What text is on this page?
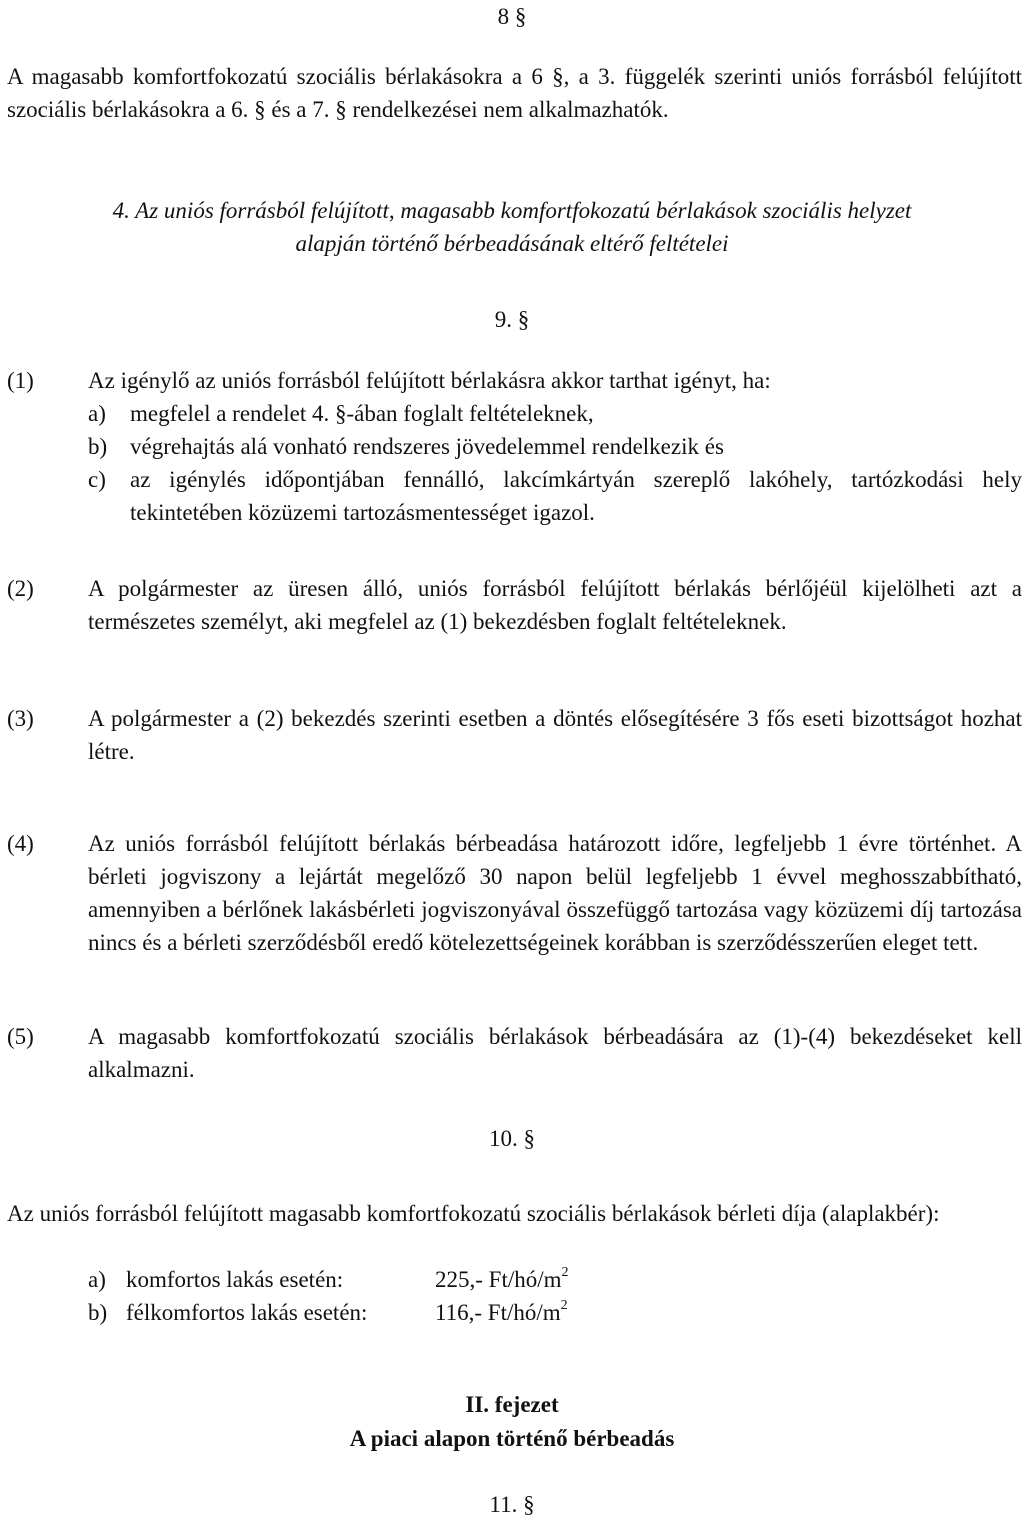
8 §
A magasabb komfortfokozatú szociális bérlakásokra a 6 §, a 3. függelék szerinti uniós forrásból felújított szociális bérlakásokra a 6. § és a 7. § rendelkezései nem alkalmazhatók.
4. Az uniós forrásból felújított, magasabb komfortfokozatú bérlakások szociális helyzet
alapján történő bérbeadásának eltérő feltételei
9. §
(1)	Az igénylő az uniós forrásból felújított bérlakásra akkor tarthat igényt, ha:
a) megfelel a rendelet 4. §-ában foglalt feltételeknek,
b) végrehajtás alá vonható rendszeres jövedelemmel rendelkezik és
c) az igénylés időpontjában fennálló, lakcímkártyán szereplő lakóhely, tartózkodási hely tekintetében közüzemi tartozásmentességet igazol.
(2)	A polgármester az üresen álló, uniós forrásból felújított bérlakás bérlőjéül kijelölheti azt a természetes személyt, aki megfelel az (1) bekezdésben foglalt feltételeknek.
(3)	A polgármester a (2) bekezdés szerinti esetben a döntés elősegítésére 3 fős eseti bizottságot hozhat létre.
(4)	Az uniós forrásból felújított bérlakás bérbeadása határozott időre, legfeljebb 1 évre történhet. A bérleti jogviszony a lejártát megelőző 30 napon belül legfeljebb 1 évvel meghosszabbítható, amennyiben a bérlőnek lakásbérleti jogviszonyával összefüggő tartozása vagy közüzemi díj tartozása nincs és a bérleti szerződésből eredő kötelezettségeinek korábban is szerződésszerűen eleget tett.
(5)	A magasabb komfortfokozatú szociális bérlakások bérbeadására az (1)-(4) bekezdéseket kell alkalmazni.
10. §
Az uniós forrásból felújított magasabb komfortfokozatú szociális bérlakások bérleti díja (alaplakbér):
a) komfortos lakás esetén:	225,- $Ft/hó/m^2$
b) félkomfortos lakás esetén:	116,- $Ft/hó/m^2$
II. fejezet
A piaci alapon történő bérbeadás
11. §
